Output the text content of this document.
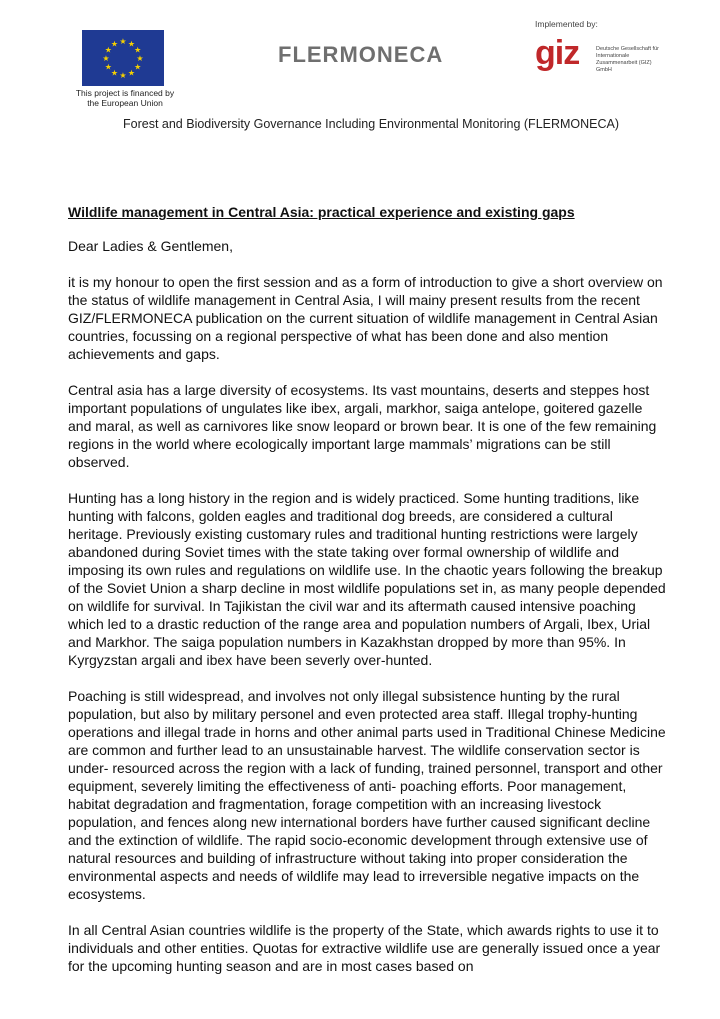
★ ★
★
★
★
★
★
★
★
★
★
★
This project is financed by the European Union
FLERMONECA
Implemented by:
giz	Deutsche Gesellschaft für Internationale Zusammenarbeit (GIZ) GmbH
Forest and Biodiversity Governance Including Environmental Monitoring (FLERMONECA)
Wildlife management in Central Asia: practical experience and existing gaps

Dear Ladies & Gentlemen,

it is my honour to open the first session and as a form of introduction to give a short overview on the status of wildlife management in Central Asia, I will mainy present results from the recent GIZ/FLERMONECA publication on the current situation of wildlife management in Central Asian countries, focussing on a regional perspective of what has been done and also mention achievements and gaps.

Central asia has a large diversity of ecosystems. Its vast mountains, deserts and steppes host important populations of ungulates like ibex, argali, markhor, saiga antelope, goitered gazelle and maral, as well as carnivores like snow leopard or brown bear. It is one of the few remaining regions in the world where ecologically important large mammals’ migrations can be still observed.

Hunting has a long history in the region and is widely practiced. Some hunting traditions, like hunting with falcons, golden eagles and traditional dog breeds, are considered a cultural heritage. Previously existing customary rules and traditional hunting restrictions were largely abandoned during Soviet times with the state taking over formal ownership of wildlife and imposing its own rules and regulations on wildlife use. In the chaotic years following the breakup of the Soviet Union a sharp decline in most wildlife populations set in, as many people depended on wildlife for survival. In Tajikistan the civil war and its aftermath caused intensive poaching which led to a drastic reduction of the range area and population numbers of Argali, Ibex, Urial and Markhor. The saiga population numbers in Kazakhstan dropped by more than 95%. In Kyrgyzstan argali and ibex have been severly over-hunted.

Poaching is still widespread, and involves not only illegal subsistence hunting by the rural population, but also by military personel and even protected area staff. Illegal trophy-hunting operations and illegal trade in horns and other animal parts used in Traditional Chinese Medicine are common and further lead to an unsustainable harvest. The wildlife conservation sector is under- resourced across the region with a lack of funding, trained personnel, transport and other equipment, severely limiting the effectiveness of anti- poaching efforts. Poor management, habitat degradation and fragmentation, forage competition with an increasing livestock population, and fences along new international borders have further caused significant decline and the extinction of wildlife. The rapid socio-economic development through extensive use of natural resources and building of infrastructure without taking into proper consideration the environmental aspects and needs of wildlife may lead to irreversible negative impacts on the ecosystems.

In all Central Asian countries wildlife is the property of the State, which awards rights to use it to individuals and other entities. Quotas for extractive wildlife use are generally issued once a year for the upcoming hunting season and are in most cases based on
